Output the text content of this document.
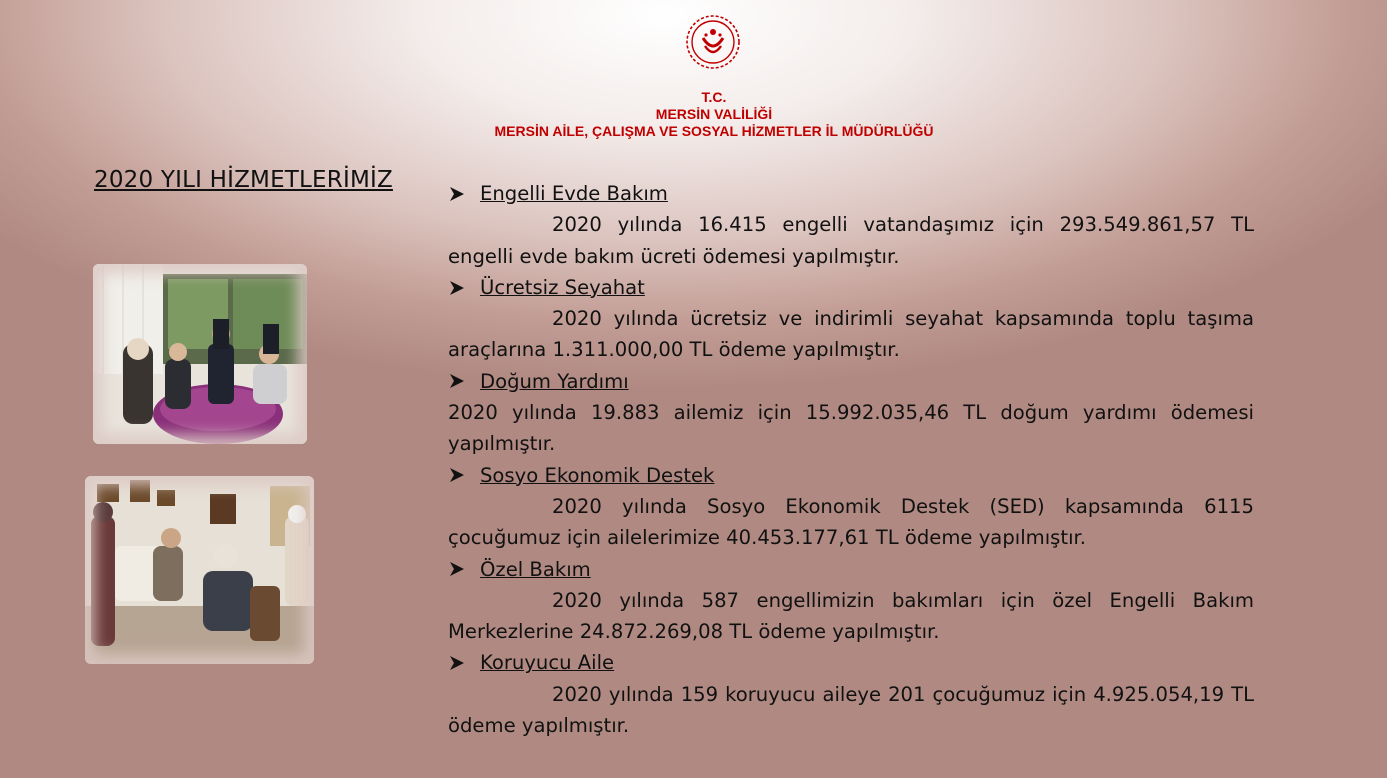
T.C.
MERSİN VALİLİĞİ
MERSİN AİLE, ÇALIŞMA VE SOSYAL HİZMETLER İL MÜDÜRLÜĞÜ
2020 YILI HİZMETLERİMİZ
Engelli Evde Bakım
2020 yılında 16.415 engelli vatandaşımız için 293.549.861,57 TL engelli evde bakım ücreti ödemesi yapılmıştır.
Ücretsiz Seyahat
2020 yılında ücretsiz ve indirimli seyahat kapsamında toplu taşıma araçlarına 1.311.000,00 TL ödeme yapılmıştır.
Doğum Yardımı
2020 yılında 19.883 ailemiz için 15.992.035,46 TL doğum yardımı ödemesi yapılmıştır.
Sosyo Ekonomik Destek
2020 yılında Sosyo Ekonomik Destek (SED) kapsamında 6115 çocuğumuz için ailelerimize 40.453.177,61 TL ödeme yapılmıştır.
Özel Bakım
2020 yılında 587 engellimizin bakımları için özel Engelli Bakım Merkezlerine 24.872.269,08 TL ödeme yapılmıştır.
Koruyucu Aile
2020 yılında 159 koruyucu aileye 201 çocuğumuz için 4.925.054,19 TL ödeme yapılmıştır.
